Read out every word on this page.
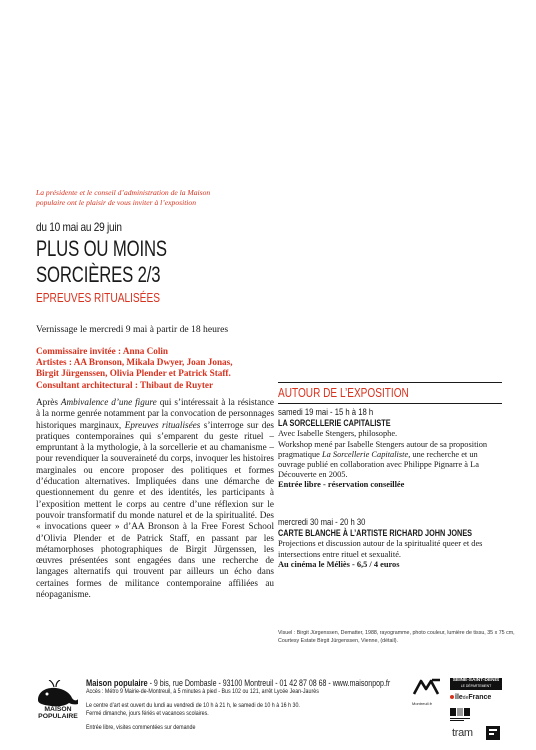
La présidente et le conseil d’administration de la Maison
populaire ont le plaisir de vous inviter à l’exposition
du 10 mai au 29 juin
PLUS OU MOINS
SORCIÈRES 2/3
EPREUVES RITUALISÉES
Vernissage le mercredi 9 mai à partir de 18 heures
Commissaire invitée : Anna Colin
Artistes : AA Bronson, Mikala Dwyer, Joan Jonas,
Birgit Jürgenssen, Olivia Plender et Patrick Staff.
Consultant architectural : Thibaut de Ruyter
Après Ambivalence d’une figure qui s’intéressait à la résistance à la norme genrée notamment par la convocation de personnages historiques marginaux, Epreuves ritualisées s’interroge sur des pratiques contemporaines qui s’emparent du geste rituel – empruntant à la mythologie, à la sorcellerie et au chamanisme – pour revendiquer la souveraineté du corps, invoquer les histoires marginales ou encore proposer des politiques et formes d’éducation alternatives. Impliquées dans une démarche de questionnement du genre et des identités, les participants à l’exposition mettent le corps au centre d’une réflexion sur le pouvoir transformatif du monde naturel et de la spiritualité. Des « invocations queer » d’AA Bronson à la Free Forest School d’Olivia Plender et de Patrick Staff, en passant par les métamorphoses photographiques de Birgit Jürgenssen, les œuvres présentées sont engagées dans une recherche de langages alternatifs qui trouvent par ailleurs un écho dans certaines formes de militance contemporaine affiliées au néopaganisme.
AUTOUR DE L’EXPOSITION
samedi 19 mai - 15 h à 18 h
LA SORCELLERIE CAPITALISTE
Avec Isabelle Stengers, philosophe.
Workshop mené par Isabelle Stengers autour de sa proposition pragmatique La Sorcellerie Capitaliste, une recherche et un ouvrage publié en collaboration avec Philippe Pignarre à La Découverte en 2005.
Entrée libre - réservation conseillée
mercredi 30 mai - 20 h 30
CARTE BLANCHE À L’ARTISTE RICHARD JOHN JONES
Projections et discussion autour de la spiritualité queer et des intersections entre rituel et sexualité.
Au cinéma le Méliès - 6,5 / 4 euros
Visuel : Birgit Jürgenssen, Dematter, 1988, rayogramme, photo couleur, lumière de tissu, 35 x 75 cm,
Courtesy Estate Birgit Jürgenssen, Vienne, (détail).
MAISON
POPULAIRE
Maison populaire - 9 bis, rue Dombasle - 93100 Montreuil - 01 42 87 08 68 - www.maisonpop.fr
Accès : Métro 9 Mairie-de-Montreuil, à 5 minutes à pied - Bus 102 ou 121, arrêt Lycée Jean-Jaurès
Le centre d’art est ouvert du lundi au vendredi de 10 h à 21 h, le samedi de 10 h à 16 h 30.
Fermé dimanche, jours fériés et vacances scolaires.
Entrée libre, visites commentées sur demande
Montreuil.fr
SEINE-SAINT-DENIS
LE DÉPARTEMENT
îledeFrance
tram
